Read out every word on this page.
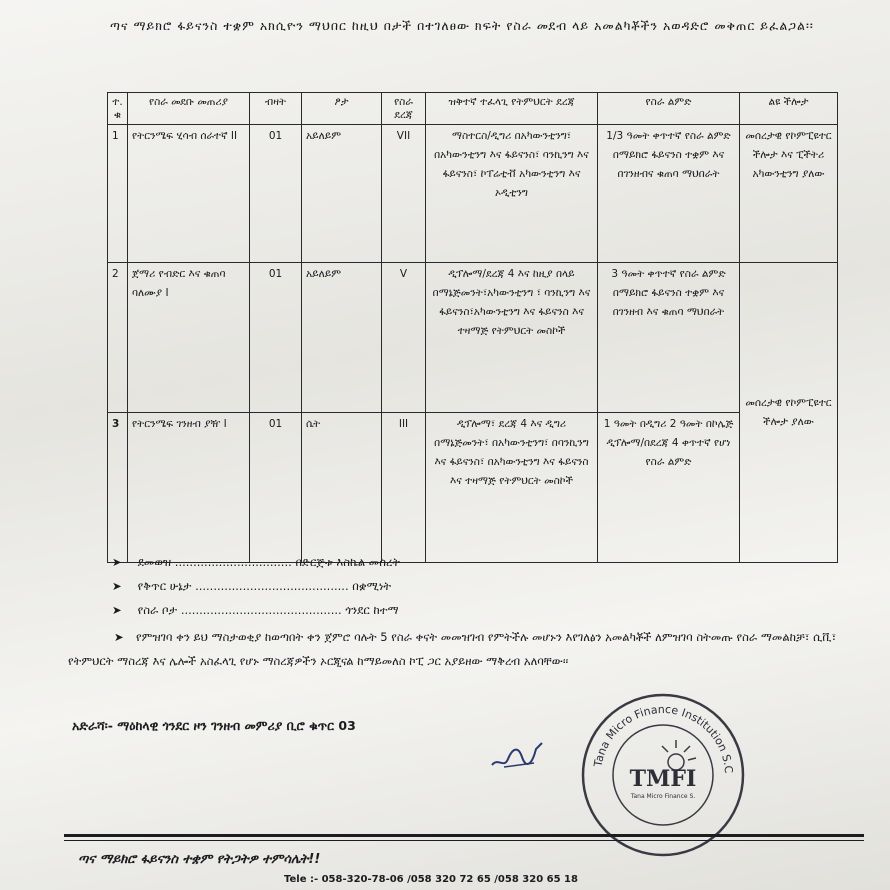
ጣና ማይክሮ ፋይናንስ ተቋም አክሲዮን ማህበር ከዚህ በታች በተገለፀው ክፍት የስራ መደብ ላይ አመልካቾችን አወዳድሮ መቅጠር ይፈልጋል፡፡
ተ. ቁ	የስራ መደቡ መጠሪያ	ብዛት	ፆታ	የስራ ደረጃ	ዝቅተኛ ተፈላጊ የትምህርት ደረጃ	የስራ ልምድ	ልዩ ችሎታ
1	የትርንሜፍ ሂሳብ ሰራተኛ II	01	አይለይም	VII	ማስተርስ/ዲግሪ በአካውንቲንግ፣ በአካውንቲንግ እና ፋይናንስ፣ ባንኪንግ እና ፋይናንስ፣ ኮፐሬቲቭ አካውንቲንግ እና ኦዲቲንግ	1/3 ዓመት ቀጥተኛ የስራ ልምድ በማይክሮ ፋይናንስ ተቋም እና በገንዘብና ቁጠባ ማህበራት	መሰረታዊ የኮምፒዩተር ችሎታ እና ፒችትሪ አካውንቲንግ ያለው
2	ጀማሪ የብድር እና ቁጠባ ባለሙያ I	01	አይለይም	V	ዲፕሎማ/ደረጃ 4 እና ከዚያ በላይ በማኔጅመንት፣አካውንቲንግ ፣ ባንኪንግ እና ፋይናንስ፣አካውንቲንግ እና ፋይናንስ እና ተዛማጅ የትምህርት መስኮች	3 ዓመት ቀጥተኛ የስራ ልምድ በማይክሮ ፋይናንስ ተቋም እና በገንዘብ እና ቁጠባ ማህበራት	መሰረታዊ የኮምፒዩተር ችሎታ ያለው
3	የትርንሜፍ ገንዘብ ያዥ I	01	ሴት	III	ዲፕሎማ፣ ደረጃ 4 እና ዲግሪ በማኔጅመንት፣ በአካውንቲንግ፣ በባንኪንግ እና ፋይናንስ፣ በአካውንቲንግ እና ፋይናንስ እና ተዛማጅ የትምህርት መስኮች	1 ዓመት በዲግሪ 2 ዓመት በኮሌጅ ዲፕሎማ/በደረጃ 4 ቀጥተኛ የሆነ የስራ ልምድ	
➤ ደመወዝ ................................ በድርጅቱ እስኬል መሰረት
➤ የቅጥር ሁኔታ .......................................... በቋሚነት
➤ የስራ ቦታ ............................................ ጎንደር ከተማ
➤ የምዝገባ ቀን ይህ ማስታወቂያ ከወጣበት ቀን ጀምሮ ባሉት 5 የስራ ቀናት መመዝገብ የምትችሉ መሆኑን እየገለፅን አመልካቾች ለምዝገባ ስትመጡ የስራ ማመልከቻ፣ ሲቪ፣ የትምህርት ማስረጃ እና ሌሎች አስፈላጊ የሆኑ ማስረጃዎችን ኦርጂናል ከማይመለስ ኮፒ ጋር አያይዘው ማቅረብ አለባቸው፡፡
አድራሻ፡- ማዕከላዊ ጎንደር ዞን ገንዘብ መምሪያ ቢሮ ቁጥር 03
Tana Micro Finance Institution S.C
TMFI
Tana Micro Finance S.
ጣና ማይክሮ ፋይናንስ ተቋም የትጋትዎ ተምሳሌት!!
Tele :- 058-320-78-06 /058 320 72 65 /058 320 65 18
